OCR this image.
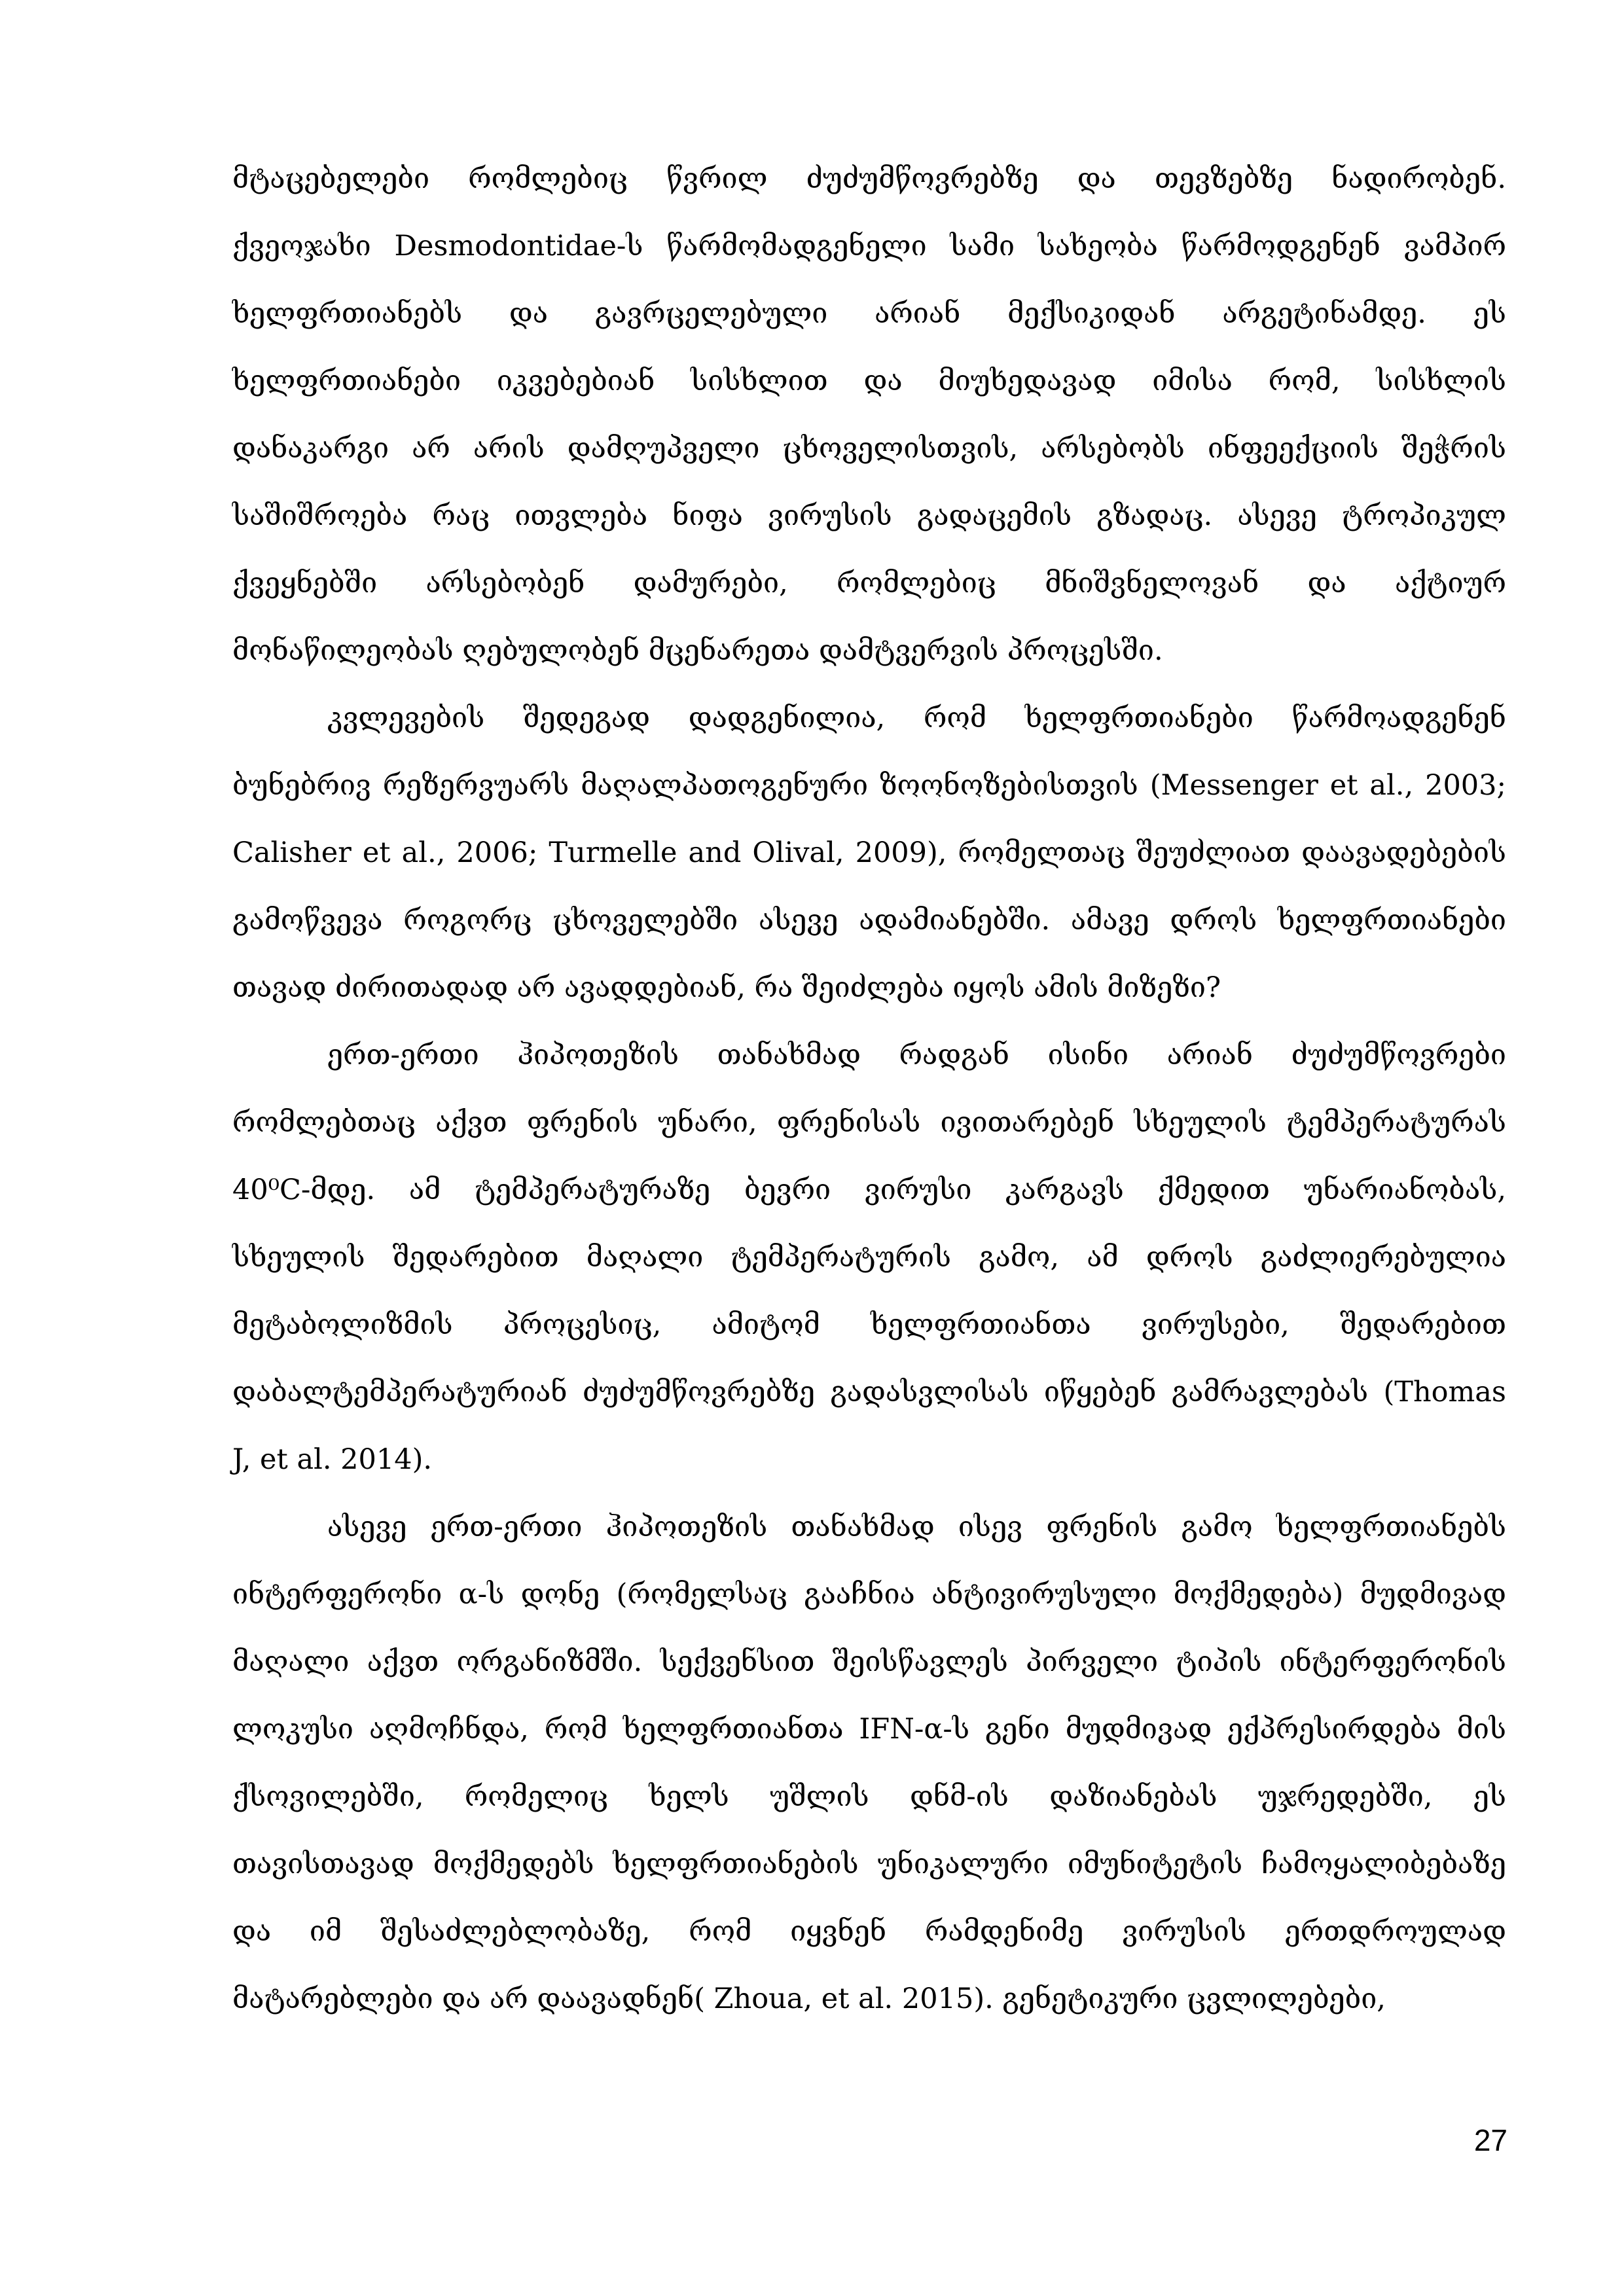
მტაცებელები რომლებიც წვრილ ძუძუმწოვრებზე და თევზებზე ნადირობენ.
ქვეოჯახი Desmodontidae-ს წარმომადგენელი სამი სახეობა წარმოდგენენ ვამპირ
ხელფრთიანებს და გავრცელებული არიან მექსიკიდან არგეტინამდე. ეს
ხელფრთიანები იკვებებიან სისხლით და მიუხედავად იმისა რომ, სისხლის
დანაკარგი არ არის დამღუპველი ცხოველისთვის, არსებობს ინფეექციის შეჭრის
საშიშროება რაც ითვლება ნიფა ვირუსის გადაცემის გზადაც. ასევე ტროპიკულ
ქვეყნებში არსებობენ დამურები, რომლებიც მნიშვნელოვან და აქტიურ
მონაწილეობას ღებულობენ მცენარეთა დამტვერვის პროცესში.
კვლევების შედეგად დადგენილია, რომ ხელფრთიანები წარმოადგენენ
ბუნებრივ რეზერვუარს მაღალპათოგენური ზოონოზებისთვის (Messenger et al., 2003;
Calisher et al., 2006; Turmelle and Olival, 2009), რომელთაც შეუძლიათ დაავადებების
გამოწვევა როგორც ცხოველებში ასევე ადამიანებში. ამავე დროს ხელფრთიანები
თავად ძირითადად არ ავადდებიან, რა შეიძლება იყოს ამის მიზეზი?
ერთ-ერთი ჰიპოთეზის თანახმად რადგან ისინი არიან ძუძუმწოვრები
რომლებთაც აქვთ ფრენის უნარი, ფრენისას ივითარებენ სხეულის ტემპერატურას
40⁰C-მდე. ამ ტემპერატურაზე ბევრი ვირუსი კარგავს ქმედით უნარიანობას,
სხეულის შედარებით მაღალი ტემპერატურის გამო, ამ დროს გაძლიერებულია
მეტაბოლიზმის პროცესიც, ამიტომ ხელფრთიანთა ვირუსები, შედარებით
დაბალტემპერატურიან ძუძუმწოვრებზე გადასვლისას იწყებენ გამრავლებას (Thomas
J, et al. 2014).
ასევე ერთ-ერთი ჰიპოთეზის თანახმად ისევ ფრენის გამო ხელფრთიანებს
ინტერფერონი α-ს დონე (რომელსაც გააჩნია ანტივირუსული მოქმედება) მუდმივად
მაღალი აქვთ ორგანიზმში. სექვენსით შეისწავლეს პირველი ტიპის ინტერფერონის
ლოკუსი აღმოჩნდა, რომ ხელფრთიანთა IFN-α-ს გენი მუდმივად ექპრესირდება მის
ქსოვილებში, რომელიც ხელს უშლის დნმ-ის დაზიანებას უჯრედებში, ეს
თავისთავად მოქმედებს ხელფრთიანების უნიკალური იმუნიტეტის ჩამოყალიბებაზე
და იმ შესაძლებლობაზე, რომ იყვნენ რამდენიმე ვირუსის ერთდროულად
მატარებლები და არ დაავადნენ( Zhoua, et al. 2015). გენეტიკური ცვლილებები,
27
